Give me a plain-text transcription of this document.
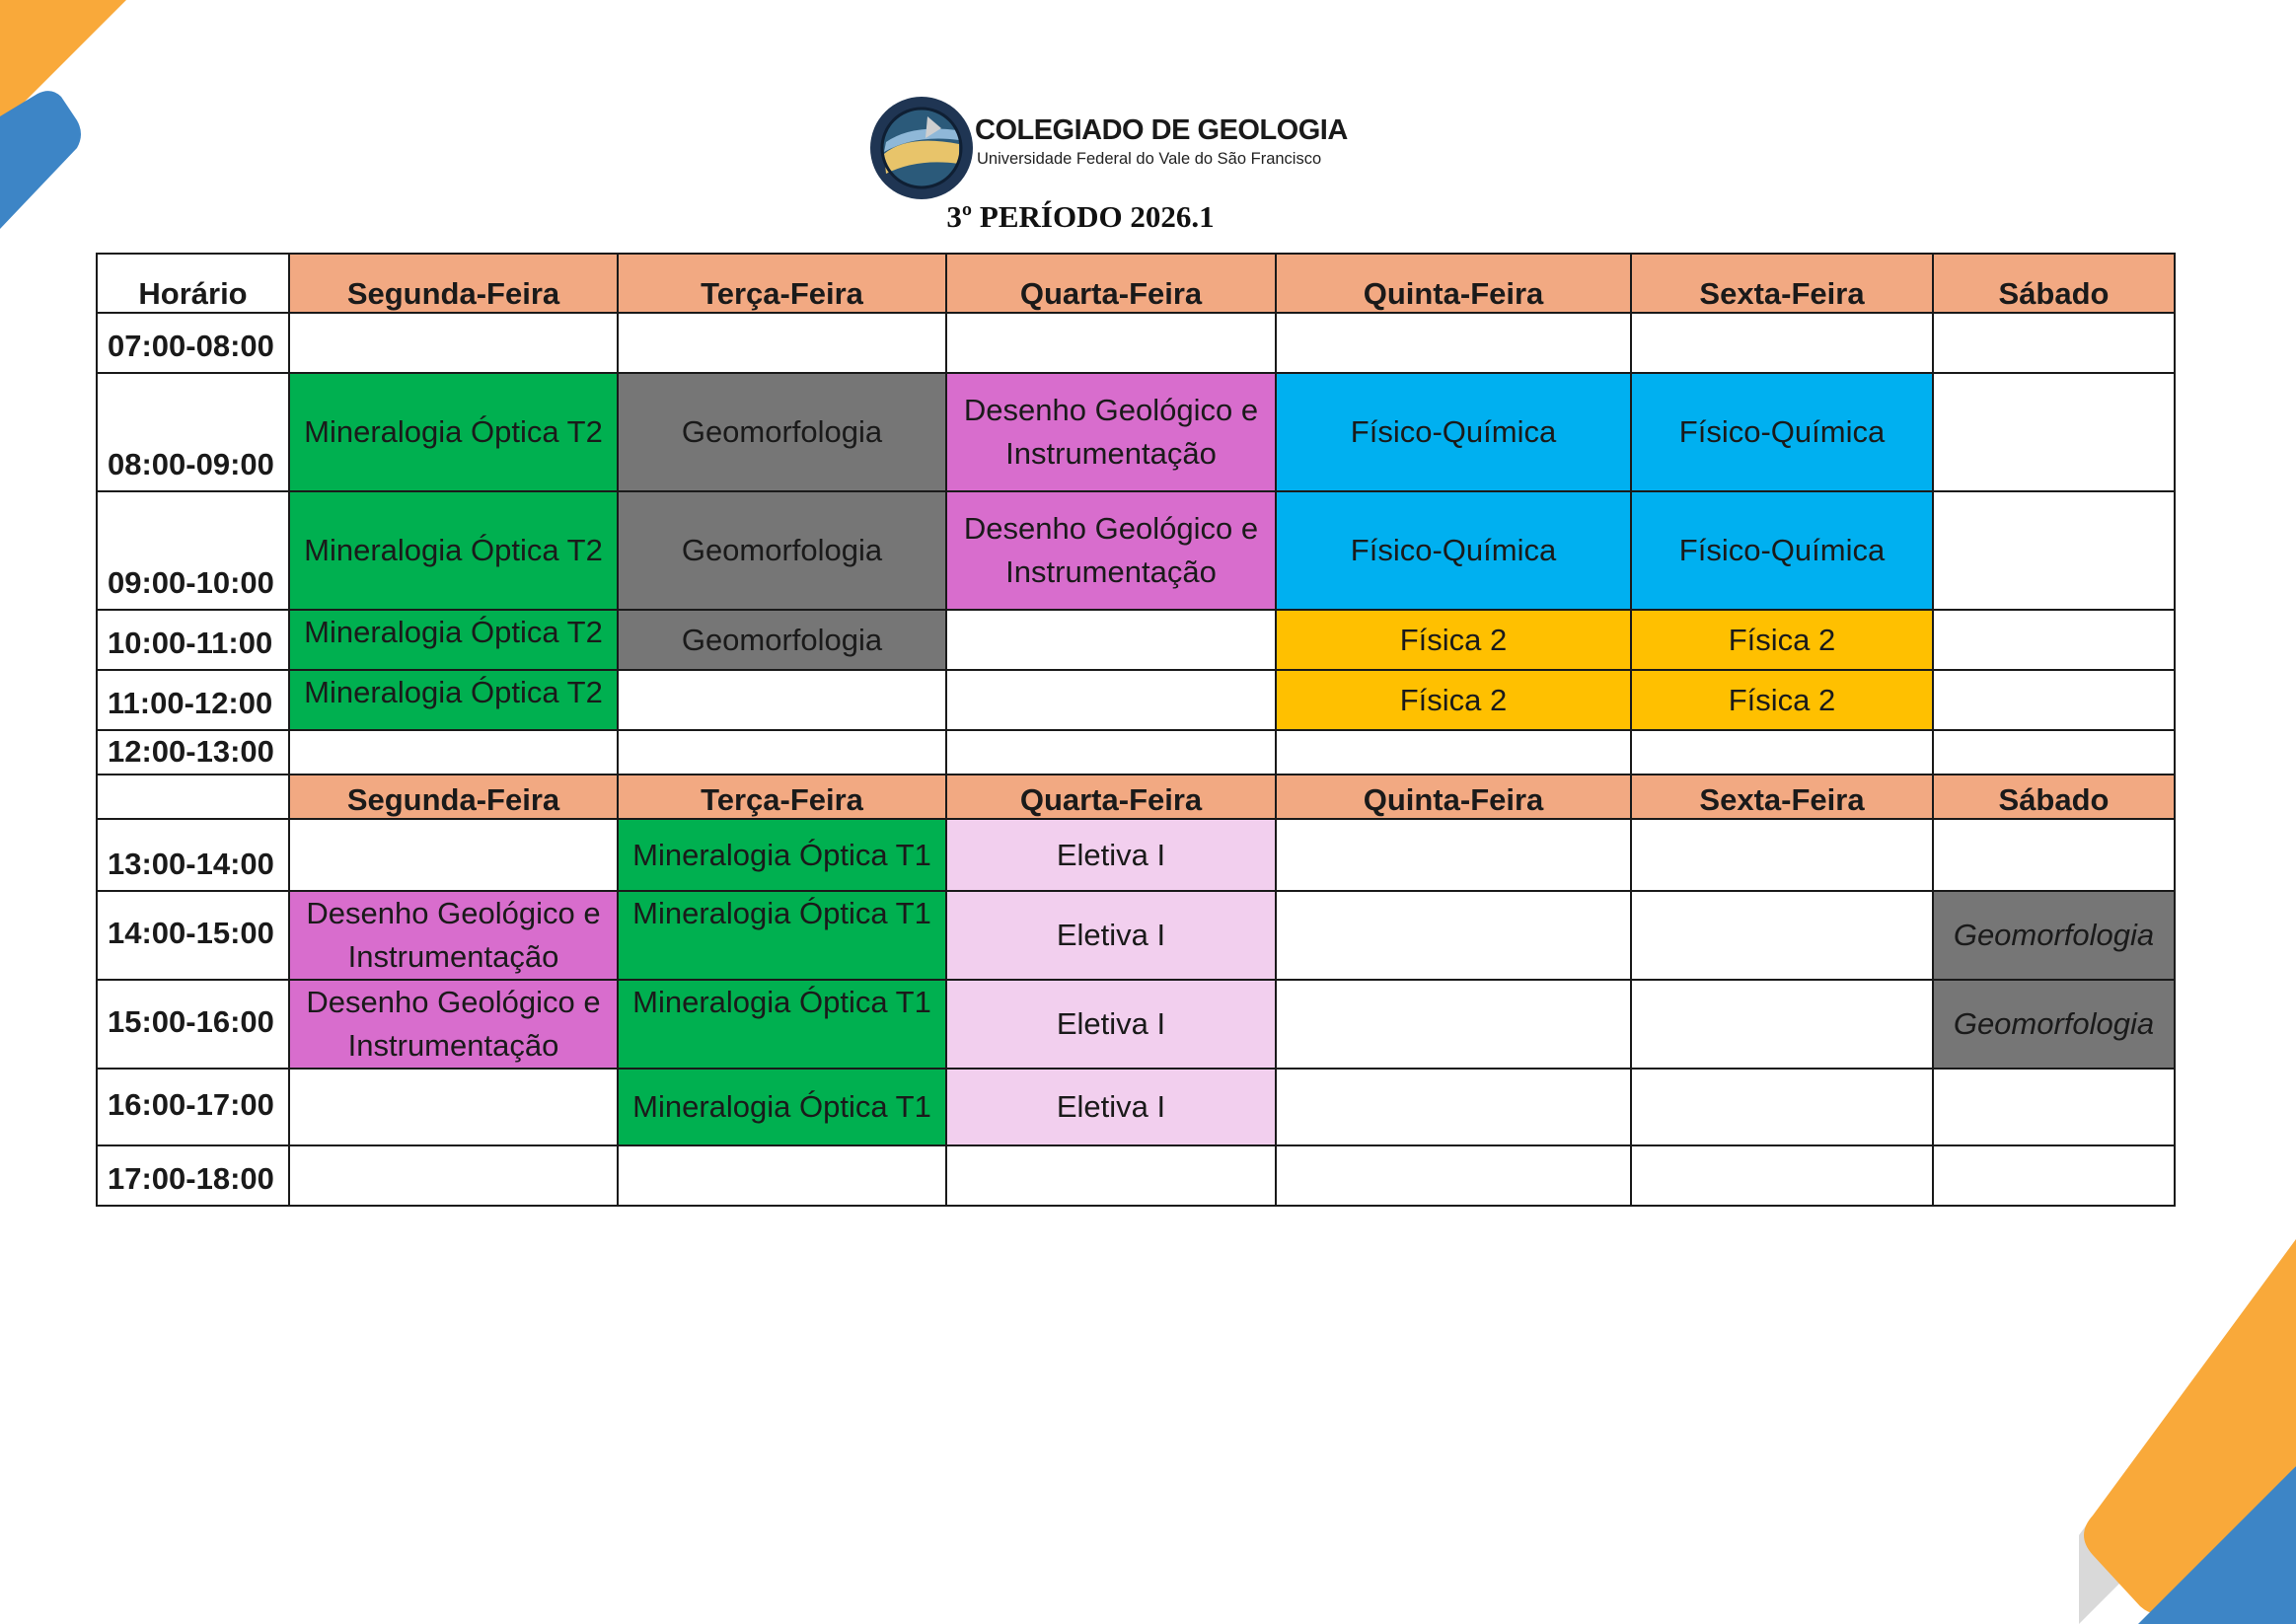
COLEGIADO DE GEOLOGIA
Universidade Federal do Vale do São Francisco
3º PERÍODO 2026.1
Horário	Segunda-Feira	Terça-Feira	Quarta-Feira	Quinta-Feira	Sexta-Feira	Sábado
07:00-08:00						
08:00-09:00	Mineralogia Óptica T2	Geomorfologia	Desenho Geológico e Instrumentação	Físico-Química	Físico-Química	
09:00-10:00	Mineralogia Óptica T2	Geomorfologia	Desenho Geológico e Instrumentação	Físico-Química	Físico-Química	
10:00-11:00	Mineralogia Óptica T2	Geomorfologia		Física 2	Física 2	
11:00-12:00	Mineralogia Óptica T2			Física 2	Física 2	
12:00-13:00						
	Segunda-Feira	Terça-Feira	Quarta-Feira	Quinta-Feira	Sexta-Feira	Sábado
13:00-14:00		Mineralogia Óptica T1	Eletiva I			
14:00-15:00	Desenho Geológico e Instrumentação	Mineralogia Óptica T1	Eletiva I			Geomorfologia
15:00-16:00	Desenho Geológico e Instrumentação	Mineralogia Óptica T1	Eletiva I			Geomorfologia
16:00-17:00		Mineralogia Óptica T1	Eletiva I			
17:00-18:00						
